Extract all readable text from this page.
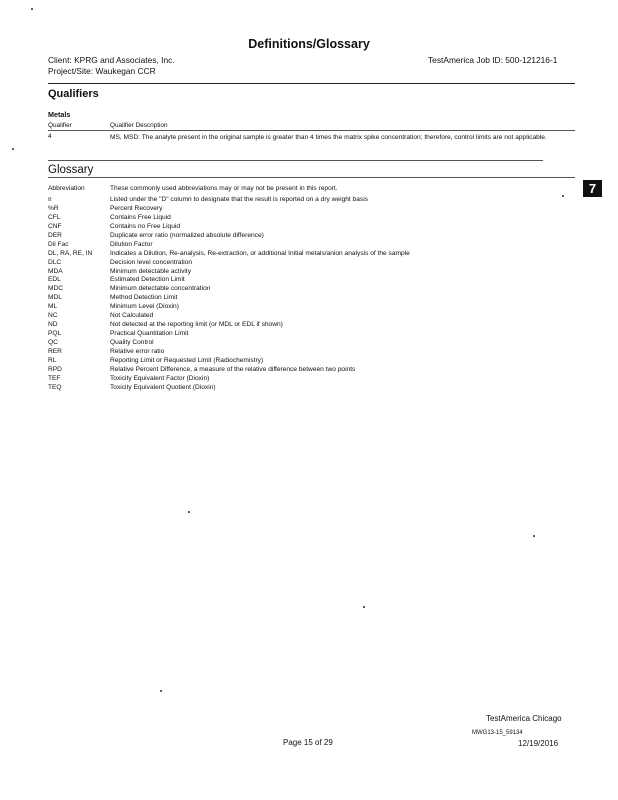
Definitions/Glossary
Client: KPRG and Associates, Inc.
Project/Site: Waukegan CCR
TestAmerica Job ID: 500-121216-1
Qualifiers
Metals
Qualifier	Qualifier Description
4	MS, MSD: The analyte present in the original sample is greater than 4 times the matrix spike concentration; therefore, control limits are not applicable.
Glossary
Abbreviation	These commonly used abbreviations may or may not be present in this report.
¤	Listed under the "D" column to designate that the result is reported on a dry weight basis
%R	Percent Recovery
CFL	Contains Free Liquid
CNF	Contains no Free Liquid
DER	Duplicate error ratio (normalized absolute difference)
Dil Fac	Dilution Factor
DL, RA, RE, IN	Indicates a Dilution, Re-analysis, Re-extraction, or additional Initial metals/anion analysis of the sample
DLC	Decision level concentration
MDA	Minimum detectable activity
EDL	Estimated Detection Limit
MDC	Minimum detectable concentration
MDL	Method Detection Limit
ML	Minimum Level (Dioxin)
NC	Not Calculated
ND	Not detected at the reporting limit (or MDL or EDL if shown)
PQL	Practical Quantitation Limit
QC	Quality Control
RER	Relative error ratio
RL	Reporting Limit or Requested Limit (Radiochemistry)
RPD	Relative Percent Difference, a measure of the relative difference between two points
TEF	Toxicity Equivalent Factor (Dioxin)
TEQ	Toxicity Equivalent Quotient (Dioxin)
7
TestAmerica Chicago
MWG13-15_59134
Page 15 of 29	12/19/2016
